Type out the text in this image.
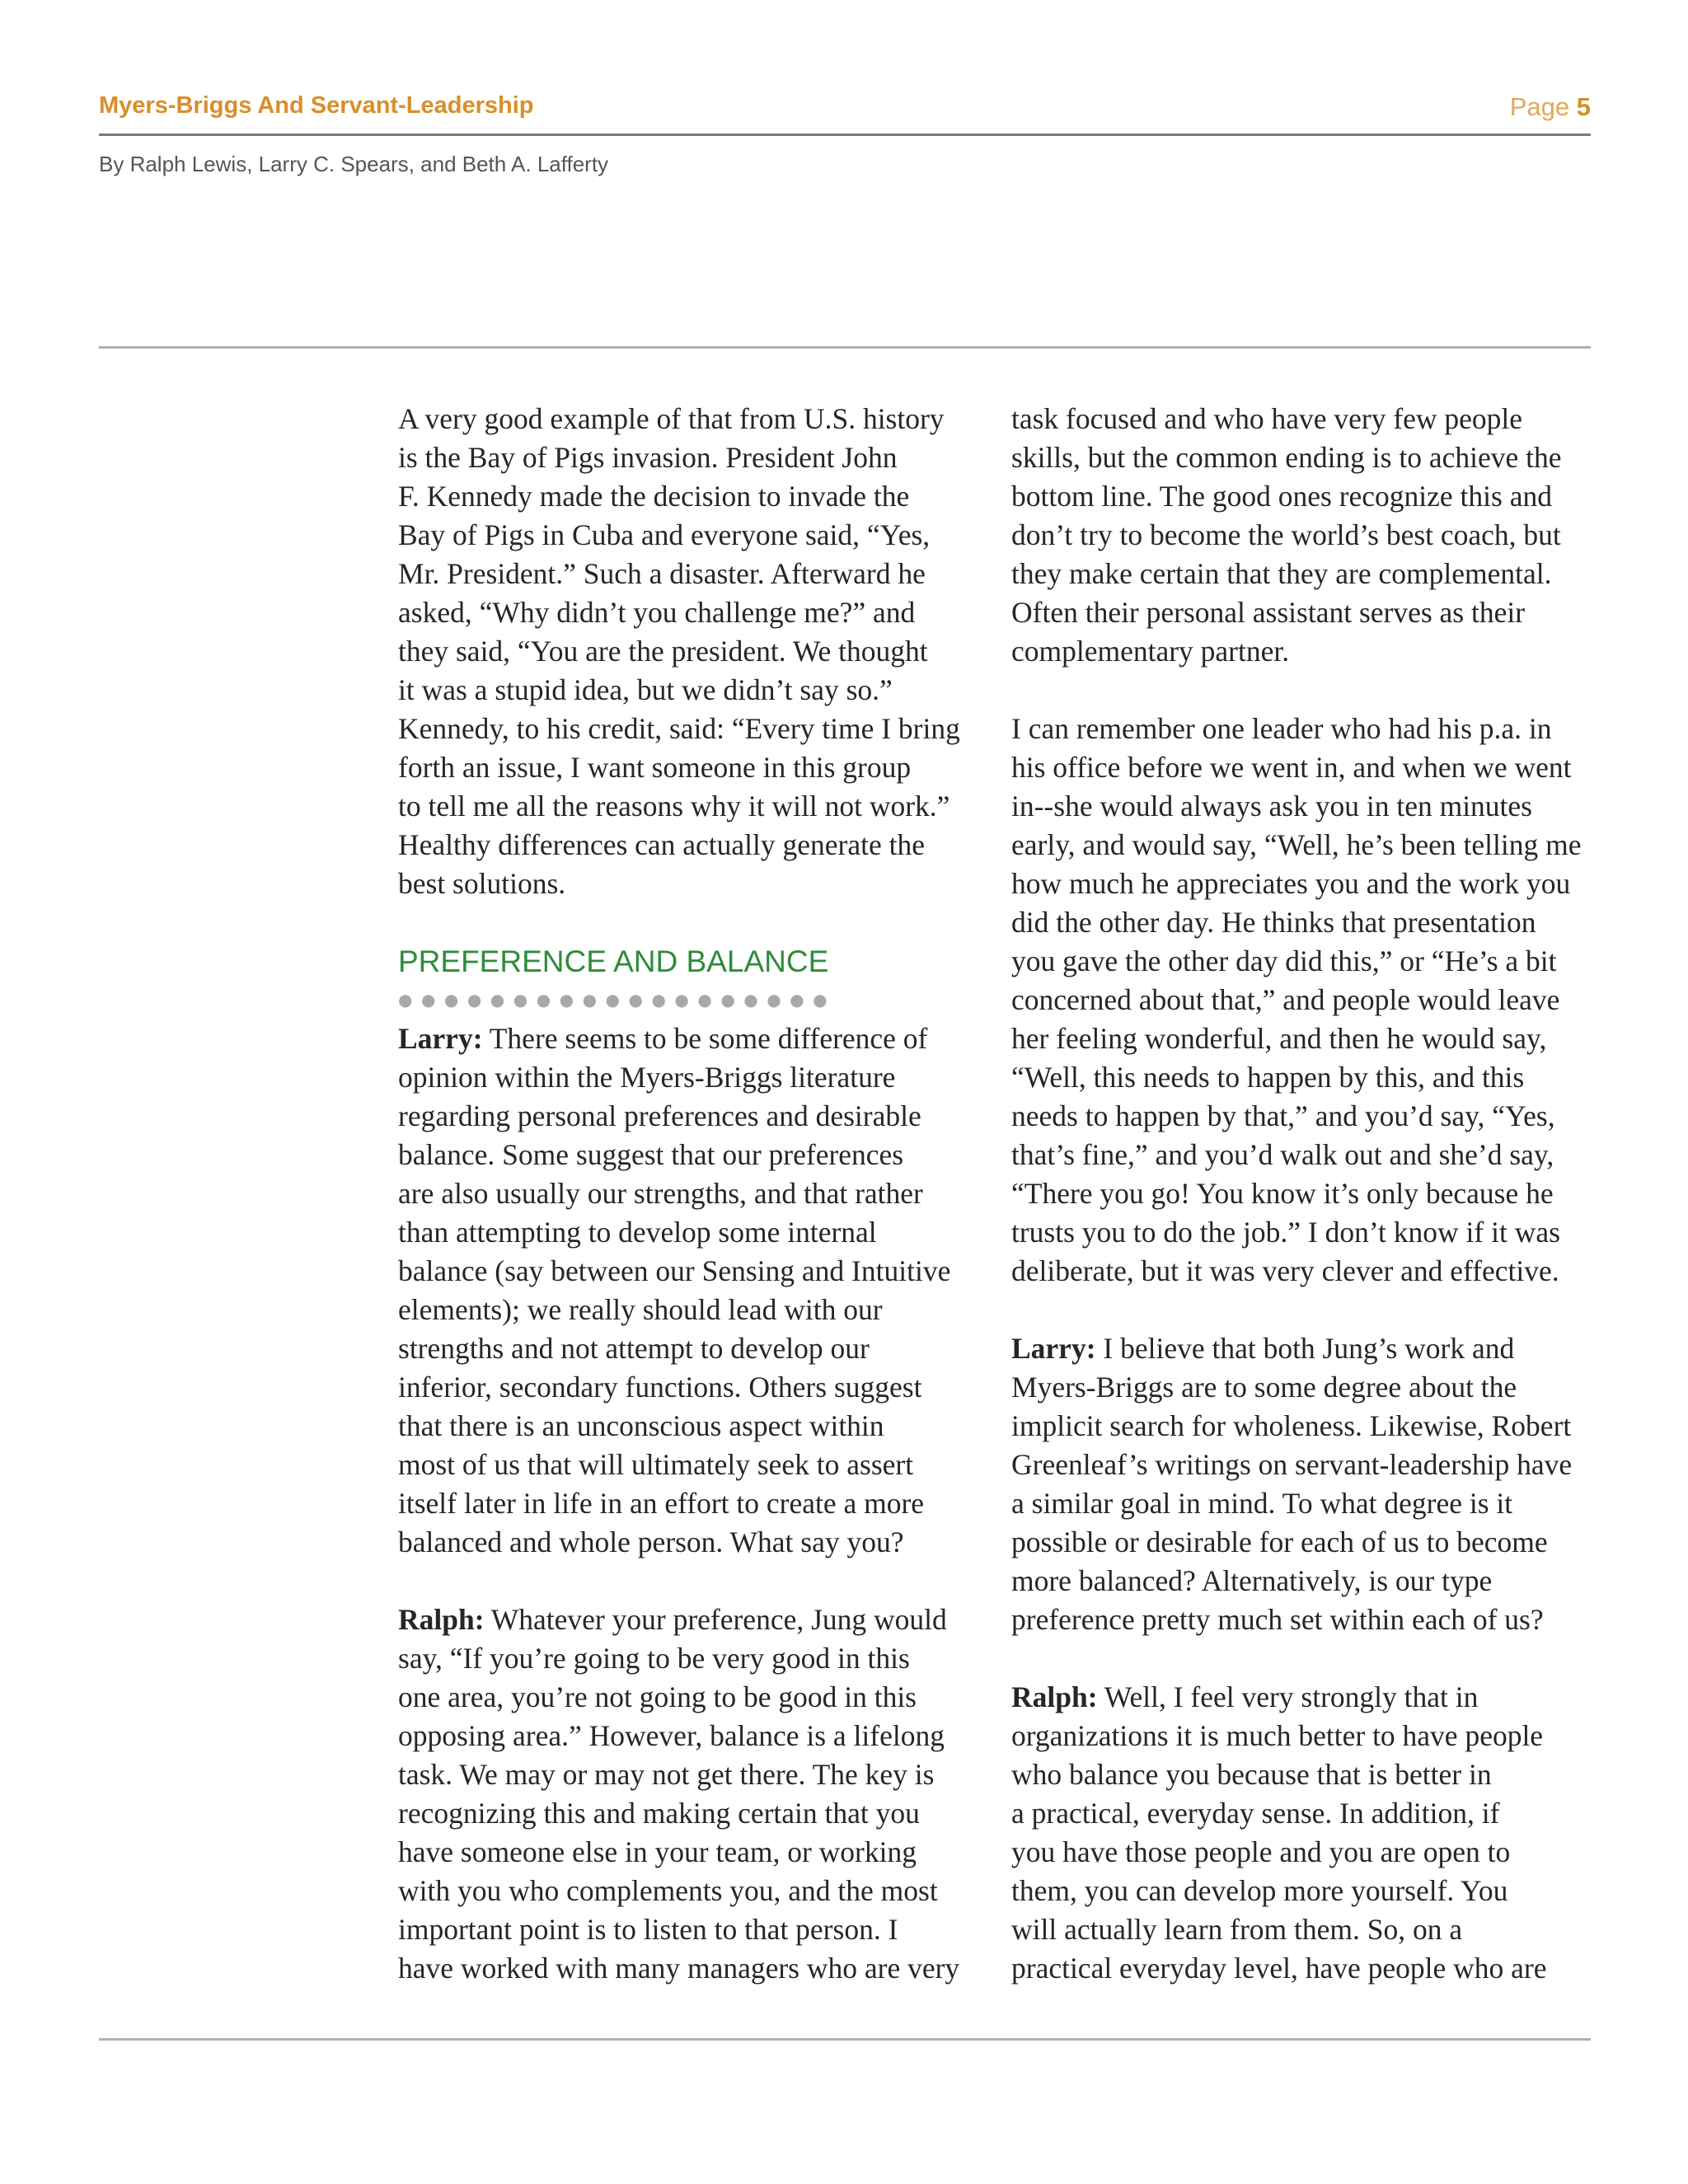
Myers-Briggs And Servant-Leadership	Page 5
By Ralph Lewis, Larry C. Spears, and Beth A. Lafferty

A very good example of that from U.S. history
is the Bay of Pigs invasion. President John
F. Kennedy made the decision to invade the
Bay of Pigs in Cuba and everyone said, “Yes,
Mr. President.” Such a disaster. Afterward he
asked, “Why didn’t you challenge me?” and
they said, “You are the president. We thought
it was a stupid idea, but we didn’t say so.”
Kennedy, to his credit, said: “Every time I bring
forth an issue, I want someone in this group
to tell me all the reasons why it will not work.”
Healthy differences can actually generate the
best solutions.

PREFERENCE AND BALANCE
●●●●●●●●●●●●●●●●●●●

Larry: There seems to be some difference of
opinion within the Myers-Briggs literature
regarding personal preferences and desirable
balance. Some suggest that our preferences
are also usually our strengths, and that rather
than attempting to develop some internal
balance (say between our Sensing and Intuitive
elements); we really should lead with our
strengths and not attempt to develop our
inferior, secondary functions. Others suggest
that there is an unconscious aspect within
most of us that will ultimately seek to assert
itself later in life in an effort to create a more
balanced and whole person. What say you?

Ralph: Whatever your preference, Jung would
say, “If you’re going to be very good in this
one area, you’re not going to be good in this
opposing area.” However, balance is a lifelong
task. We may or may not get there. The key is
recognizing this and making certain that you
have someone else in your team, or working
with you who complements you, and the most
important point is to listen to that person. I
have worked with many managers who are very

task focused and who have very few people
skills, but the common ending is to achieve the
bottom line. The good ones recognize this and
don’t try to become the world’s best coach, but
they make certain that they are complemental.
Often their personal assistant serves as their
complementary partner.

I can remember one leader who had his p.a. in
his office before we went in, and when we went
in--she would always ask you in ten minutes
early, and would say, “Well, he’s been telling me
how much he appreciates you and the work you
did the other day. He thinks that presentation
you gave the other day did this,” or “He’s a bit
concerned about that,” and people would leave
her feeling wonderful, and then he would say,
“Well, this needs to happen by this, and this
needs to happen by that,” and you’d say, “Yes,
that’s fine,” and you’d walk out and she’d say,
“There you go! You know it’s only because he
trusts you to do the job.” I don’t know if it was
deliberate, but it was very clever and effective.

Larry: I believe that both Jung’s work and
Myers-Briggs are to some degree about the
implicit search for wholeness. Likewise, Robert
Greenleaf’s writings on servant-leadership have
a similar goal in mind. To what degree is it
possible or desirable for each of us to become
more balanced? Alternatively, is our type
preference pretty much set within each of us?

Ralph: Well, I feel very strongly that in
organizations it is much better to have people
who balance you because that is better in
a practical, everyday sense. In addition, if
you have those people and you are open to
them, you can develop more yourself. You
will actually learn from them. So, on a
practical everyday level, have people who are
